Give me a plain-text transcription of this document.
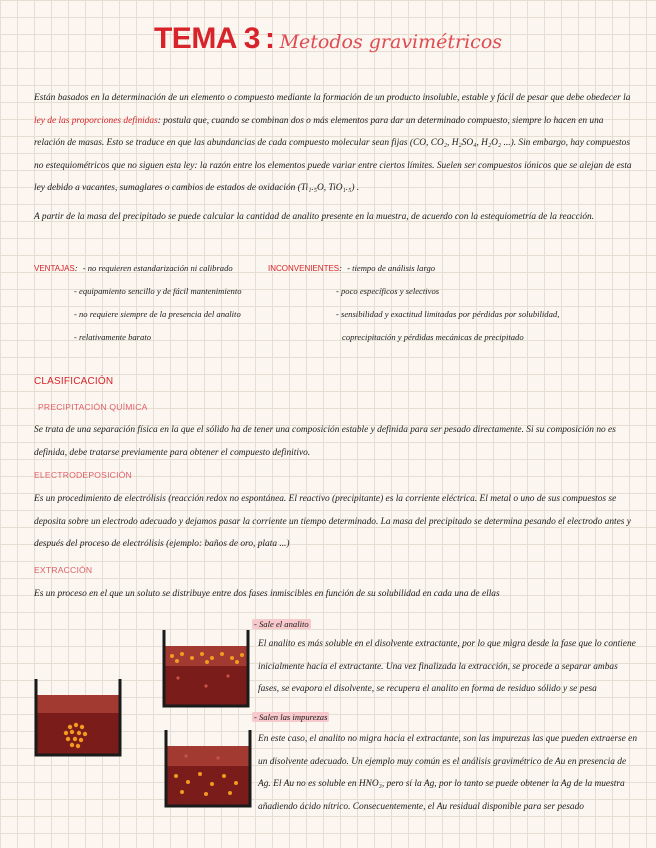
TEMA 3 : Metodos gravimétricos
Están basados en la determinación de un elemento o compuesto mediante la formación de un producto insoluble, estable y fácil de pesar que debe obedecer la ley de las proporciones definidas: postula que, cuando se combinan dos o más elementos para dar un determinado compuesto, siempre lo hacen en una relación de masas. Esto se traduce en que las abundancias de cada compuesto molecular sean fijas (CO, CO₂, H₂SO₄, H₂O₂ ...). Sin embargo, hay compuestos no estequiométricos que no siguen esta ley: la razón entre los elementos puede variar entre ciertos límites. Suelen ser compuestos iónicos que se alejan de esta ley debido a vacantes, sumaglares o cambios de estados de oxidación (Ti₁.₅O, TiO₁.₅) .
A partir de la masa del precipitado se puede calcular la cantidad de analito presente en la muestra, de acuerdo con la estequiometría de la reacción.
VENTAJAS: - no requieren estandarización ni calibrado
- equipamiento sencillo y de fácil mantenimiento
- no requiere siempre de la presencia del analito
- relativamente barato
INCONVENIENTES: - tiempo de análisis largo
- poco específicos y selectivos
- sensibilidad y exactitud limitadas por pérdidas por solubilidad,
coprecipitación y pérdidas mecánicas de precipitado
CLASIFICACIÓN
PRECIPITACIÓN QUÍMICA
Se trata de una separación física en la que el sólido ha de tener una composición estable y definida para ser pesado directamente. Si su composición no es definida, debe tratarse previamente para obtener el compuesto definitivo.
ELECTRODEPOSICIÓN
Es un procedimiento de electrólisis (reacción redox no espontánea. El reactivo (precipitante) es la corriente eléctrica. El metal o uno de sus compuestos se deposita sobre un electrodo adecuado y dejamos pasar la corriente un tiempo determinado. La masa del precipitado se determina pesando el electrodo antes y después del proceso de electrólisis (ejemplo: baños de oro, plata ...)
EXTRACCIÓN
Es un proceso en el que un soluto se distribuye entre dos fases inmiscibles en función de su solubilidad en cada una de ellas
- Sale el analito
El analito es más soluble en el disolvente extractante, por lo que migra desde la fase que lo contiene inicialmente hacia el extractante. Una vez finalizada la extracción, se procede a separar ambas fases, se evapora el disolvente, se recupera el analito en forma de residuo sólido y se pesa
- Salen las impurezas
En este caso, el analito no migra hacia el extractante, son las impurezas las que pueden extraerse en un disolvente adecuado. Un ejemplo muy común es el análisis gravimétrico de Au en presencia de Ag. El Au no es soluble en HNO₃, pero sí la Ag, por lo tanto se puede obtener la Ag de la muestra añadiendo ácido nítrico. Consecuentemente, el Au residual disponible para ser pesado
